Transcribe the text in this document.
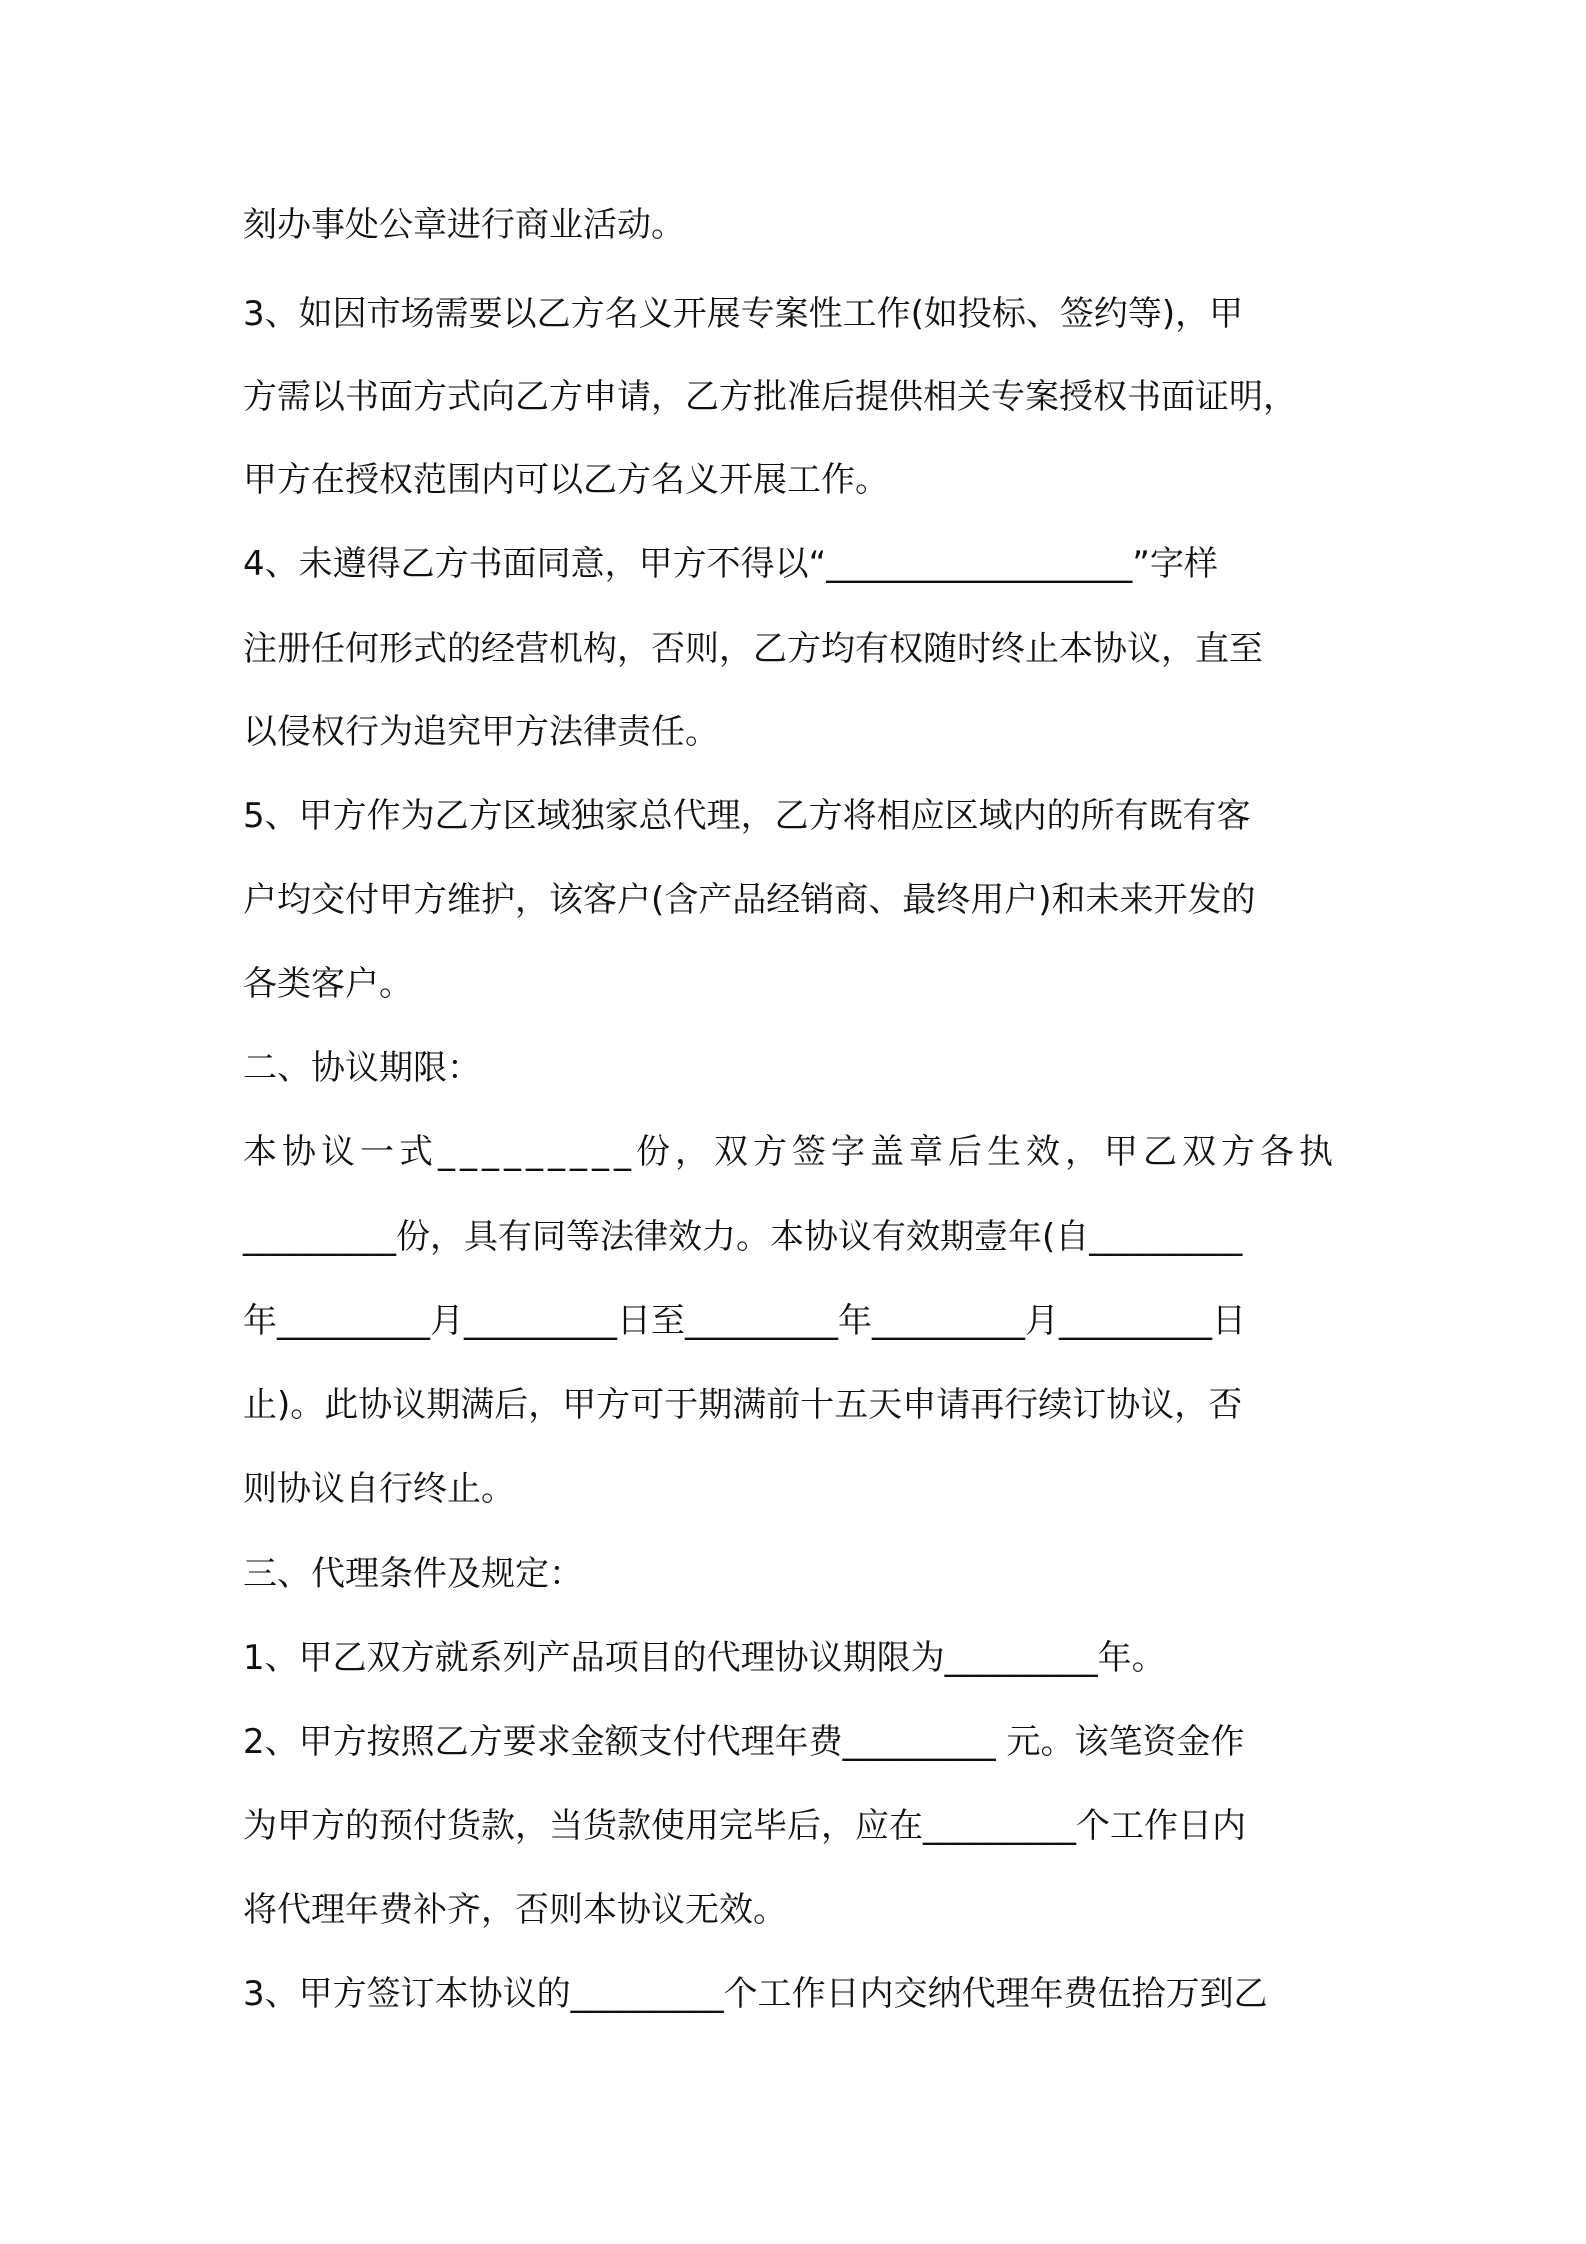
刻办事处公章进行商业活动。
3、如因市场需要以乙方名义开展专案性工作(如投标、签约等)，甲
方需以书面方式向乙方申请，乙方批准后提供相关专案授权书面证明，
甲方在授权范围内可以乙方名义开展工作。
4、未遵得乙方书面同意，甲方不得以“__________________”字样
注册任何形式的经营机构，否则，乙方均有权随时终止本协议，直至
以侵权行为追究甲方法律责任。
5、甲方作为乙方区域独家总代理，乙方将相应区域内的所有既有客
户均交付甲方维护，该客户(含产品经销商、最终用户)和未来开发的
各类客户。
二、协议期限：
本协议一式_________份，双方签字盖章后生效，甲乙双方各执
_________份，具有同等法律效力。本协议有效期壹年(自_________
年_________月_________日至_________年_________月_________日
止)。此协议期满后，甲方可于期满前十五天申请再行续订协议，否
则协议自行终止。
三、代理条件及规定：
1、甲乙双方就系列产品项目的代理协议期限为_________年。
2、甲方按照乙方要求金额支付代理年费_________ 元。该笔资金作
为甲方的预付货款，当货款使用完毕后，应在_________个工作日内
将代理年费补齐，否则本协议无效。
3、甲方签订本协议的_________个工作日内交纳代理年费伍拾万到乙
